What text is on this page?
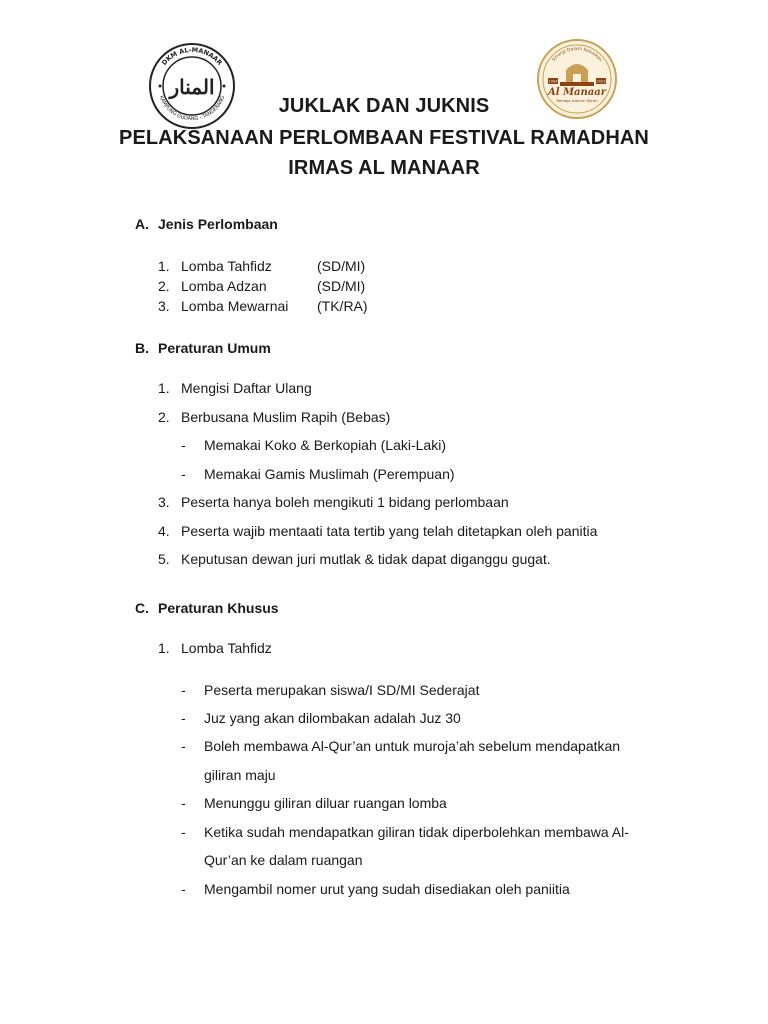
DKM AL-MANAAR
KAMPUNG GUDANG - TANGERANG
المنار
Sinergi Dalam Kebaikan
1994	2023
Al Manaar
Remaja Islamic Hijrah
JUKLAK DAN JUKNIS
PELAKSANAAN PERLOMBAAN FESTIVAL RAMADHAN
IRMAS AL MANAAR
A. Jenis Perlombaan
1. Lomba Tahfidz	(SD/MI)
2. Lomba Adzan	(SD/MI)
3. Lomba Mewarnai (TK/RA)
B. Peraturan Umum
1. Mengisi Daftar Ulang
2. Berbusana Muslim Rapih (Bebas)
- Memakai Koko & Berkopiah (Laki-Laki)
- Memakai Gamis Muslimah (Perempuan)
3. Peserta hanya boleh mengikuti 1 bidang perlombaan
4. Peserta wajib mentaati tata tertib yang telah ditetapkan oleh panitia
5. Keputusan dewan juri mutlak & tidak dapat diganggu gugat.
C. Peraturan Khusus
1. Lomba Tahfidz
- Peserta merupakan siswa/I SD/MI Sederajat
- Juz yang akan dilombakan adalah Juz 30
- Boleh membawa Al-Qur’an untuk muroja’ah sebelum mendapatkan
giliran maju
- Menunggu giliran diluar ruangan lomba
- Ketika sudah mendapatkan giliran tidak diperbolehkan membawa Al-
Qur’an ke dalam ruangan
- Mengambil nomer urut yang sudah disediakan oleh paniitia
